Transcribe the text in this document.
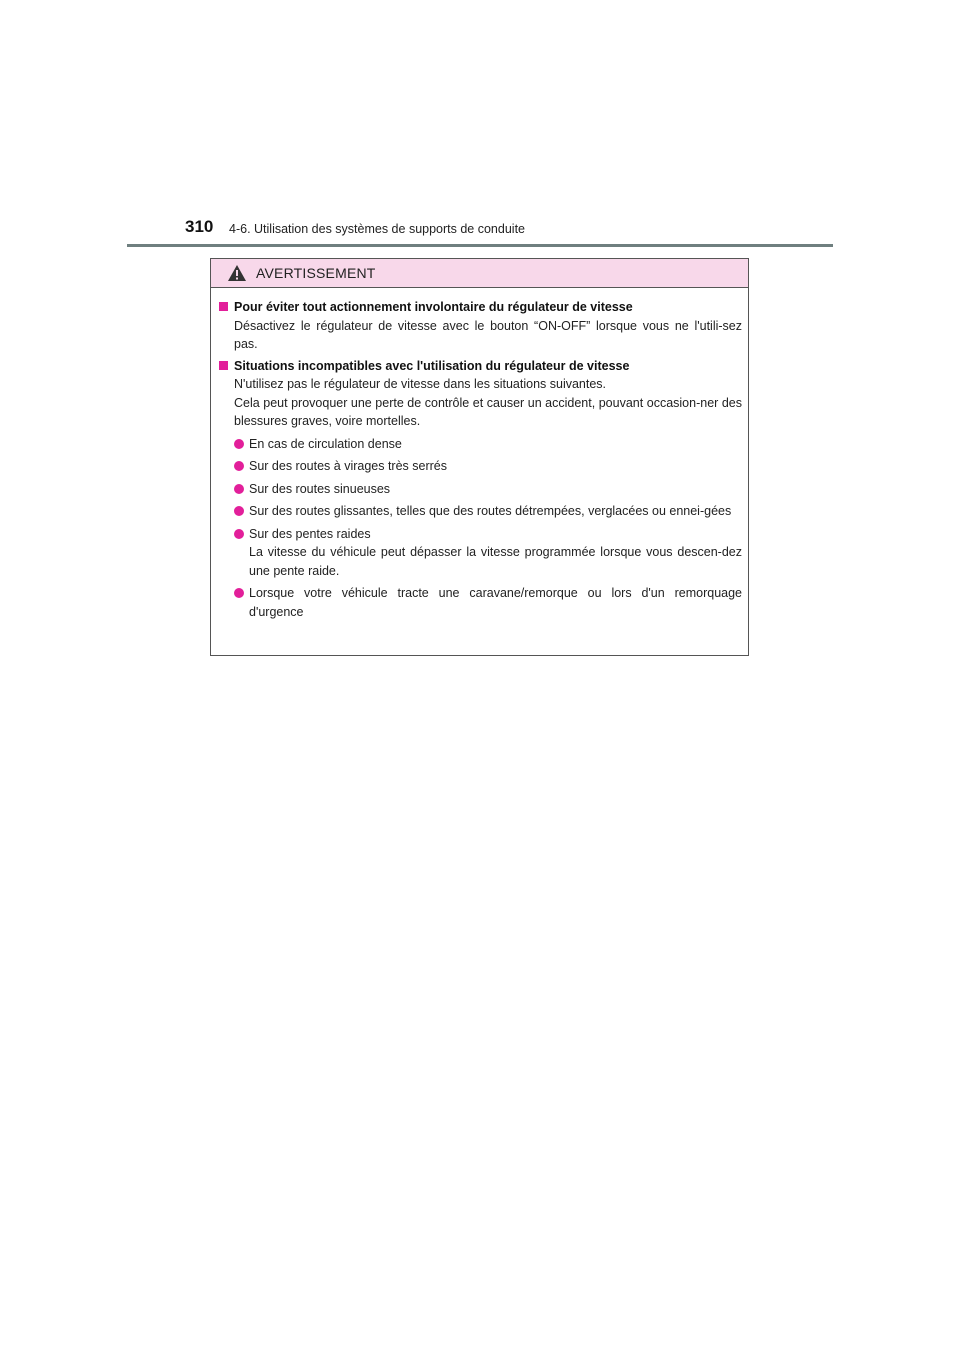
310 4-6. Utilisation des systèmes de supports de conduite
AVERTISSEMENT
Pour éviter tout actionnement involontaire du régulateur de vitesse
Désactivez le régulateur de vitesse avec le bouton “ON-OFF” lorsque vous ne l'utili-sez pas.
Situations incompatibles avec l'utilisation du régulateur de vitesse
N'utilisez pas le régulateur de vitesse dans les situations suivantes.
Cela peut provoquer une perte de contrôle et causer un accident, pouvant occasion-ner des blessures graves, voire mortelles.
En cas de circulation dense
Sur des routes à virages très serrés
Sur des routes sinueuses
Sur des routes glissantes, telles que des routes détrempées, verglacées ou ennei-gées
Sur des pentes raides
La vitesse du véhicule peut dépasser la vitesse programmée lorsque vous descen-dez une pente raide.
Lorsque votre véhicule tracte une caravane/remorque ou lors d'un remorquage d'urgence
